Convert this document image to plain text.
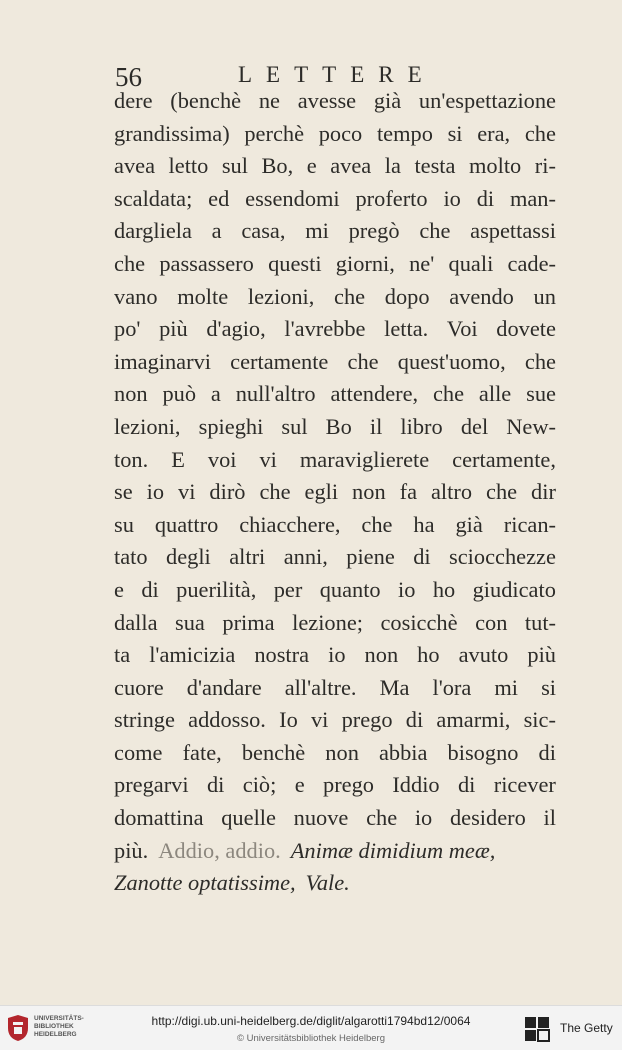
56	LETTERE
dere (benchè ne avesse già un'espettazione
grandissima) perchè poco tempo si era, che
avea letto sul Bo, e avea la testa molto ri-
scaldata; ed essendomi proferto io di man-
dargliela a casa, mi pregò che aspettassi
che passassero questi giorni, ne' quali cade-
vano molte lezioni, che dopo avendo un
po' più d'agio, l'avrebbe letta. Voi dovete
imaginarvi certamente che quest'uomo, che
non può a null'altro attendere, che alle sue
lezioni, spieghi sul Bo il libro del New-
ton. E voi vi maraviglierete certamente,
se io vi dirò che egli non fa altro che dir
su quattro chiacchere, che ha già rican-
tato degli altri anni, piene di sciocchezze
e di puerilità, per quanto io ho giudicato
dalla sua prima lezione; cosicchè con tut-
ta l'amicizia nostra io non ho avuto più
cuore d'andare all'altre. Ma l'ora mi si
stringe addosso. Io vi prego di amarmi, sic-
come fate, benchè non abbia bisogno di
pregarvi di ciò; e prego Iddio di ricever
domattina quelle nuove che io desidero il
più. Addio, addio. Animæ dimidium meæ,
Zanotte optatissime, Vale.
UNIVERSITÄTS-
BIBLIOTHEK
HEIDELBERG
http://digi.ub.uni-heidelberg.de/diglit/algarotti1794bd12/0064
© Universitätsbibliothek Heidelberg
The Getty
